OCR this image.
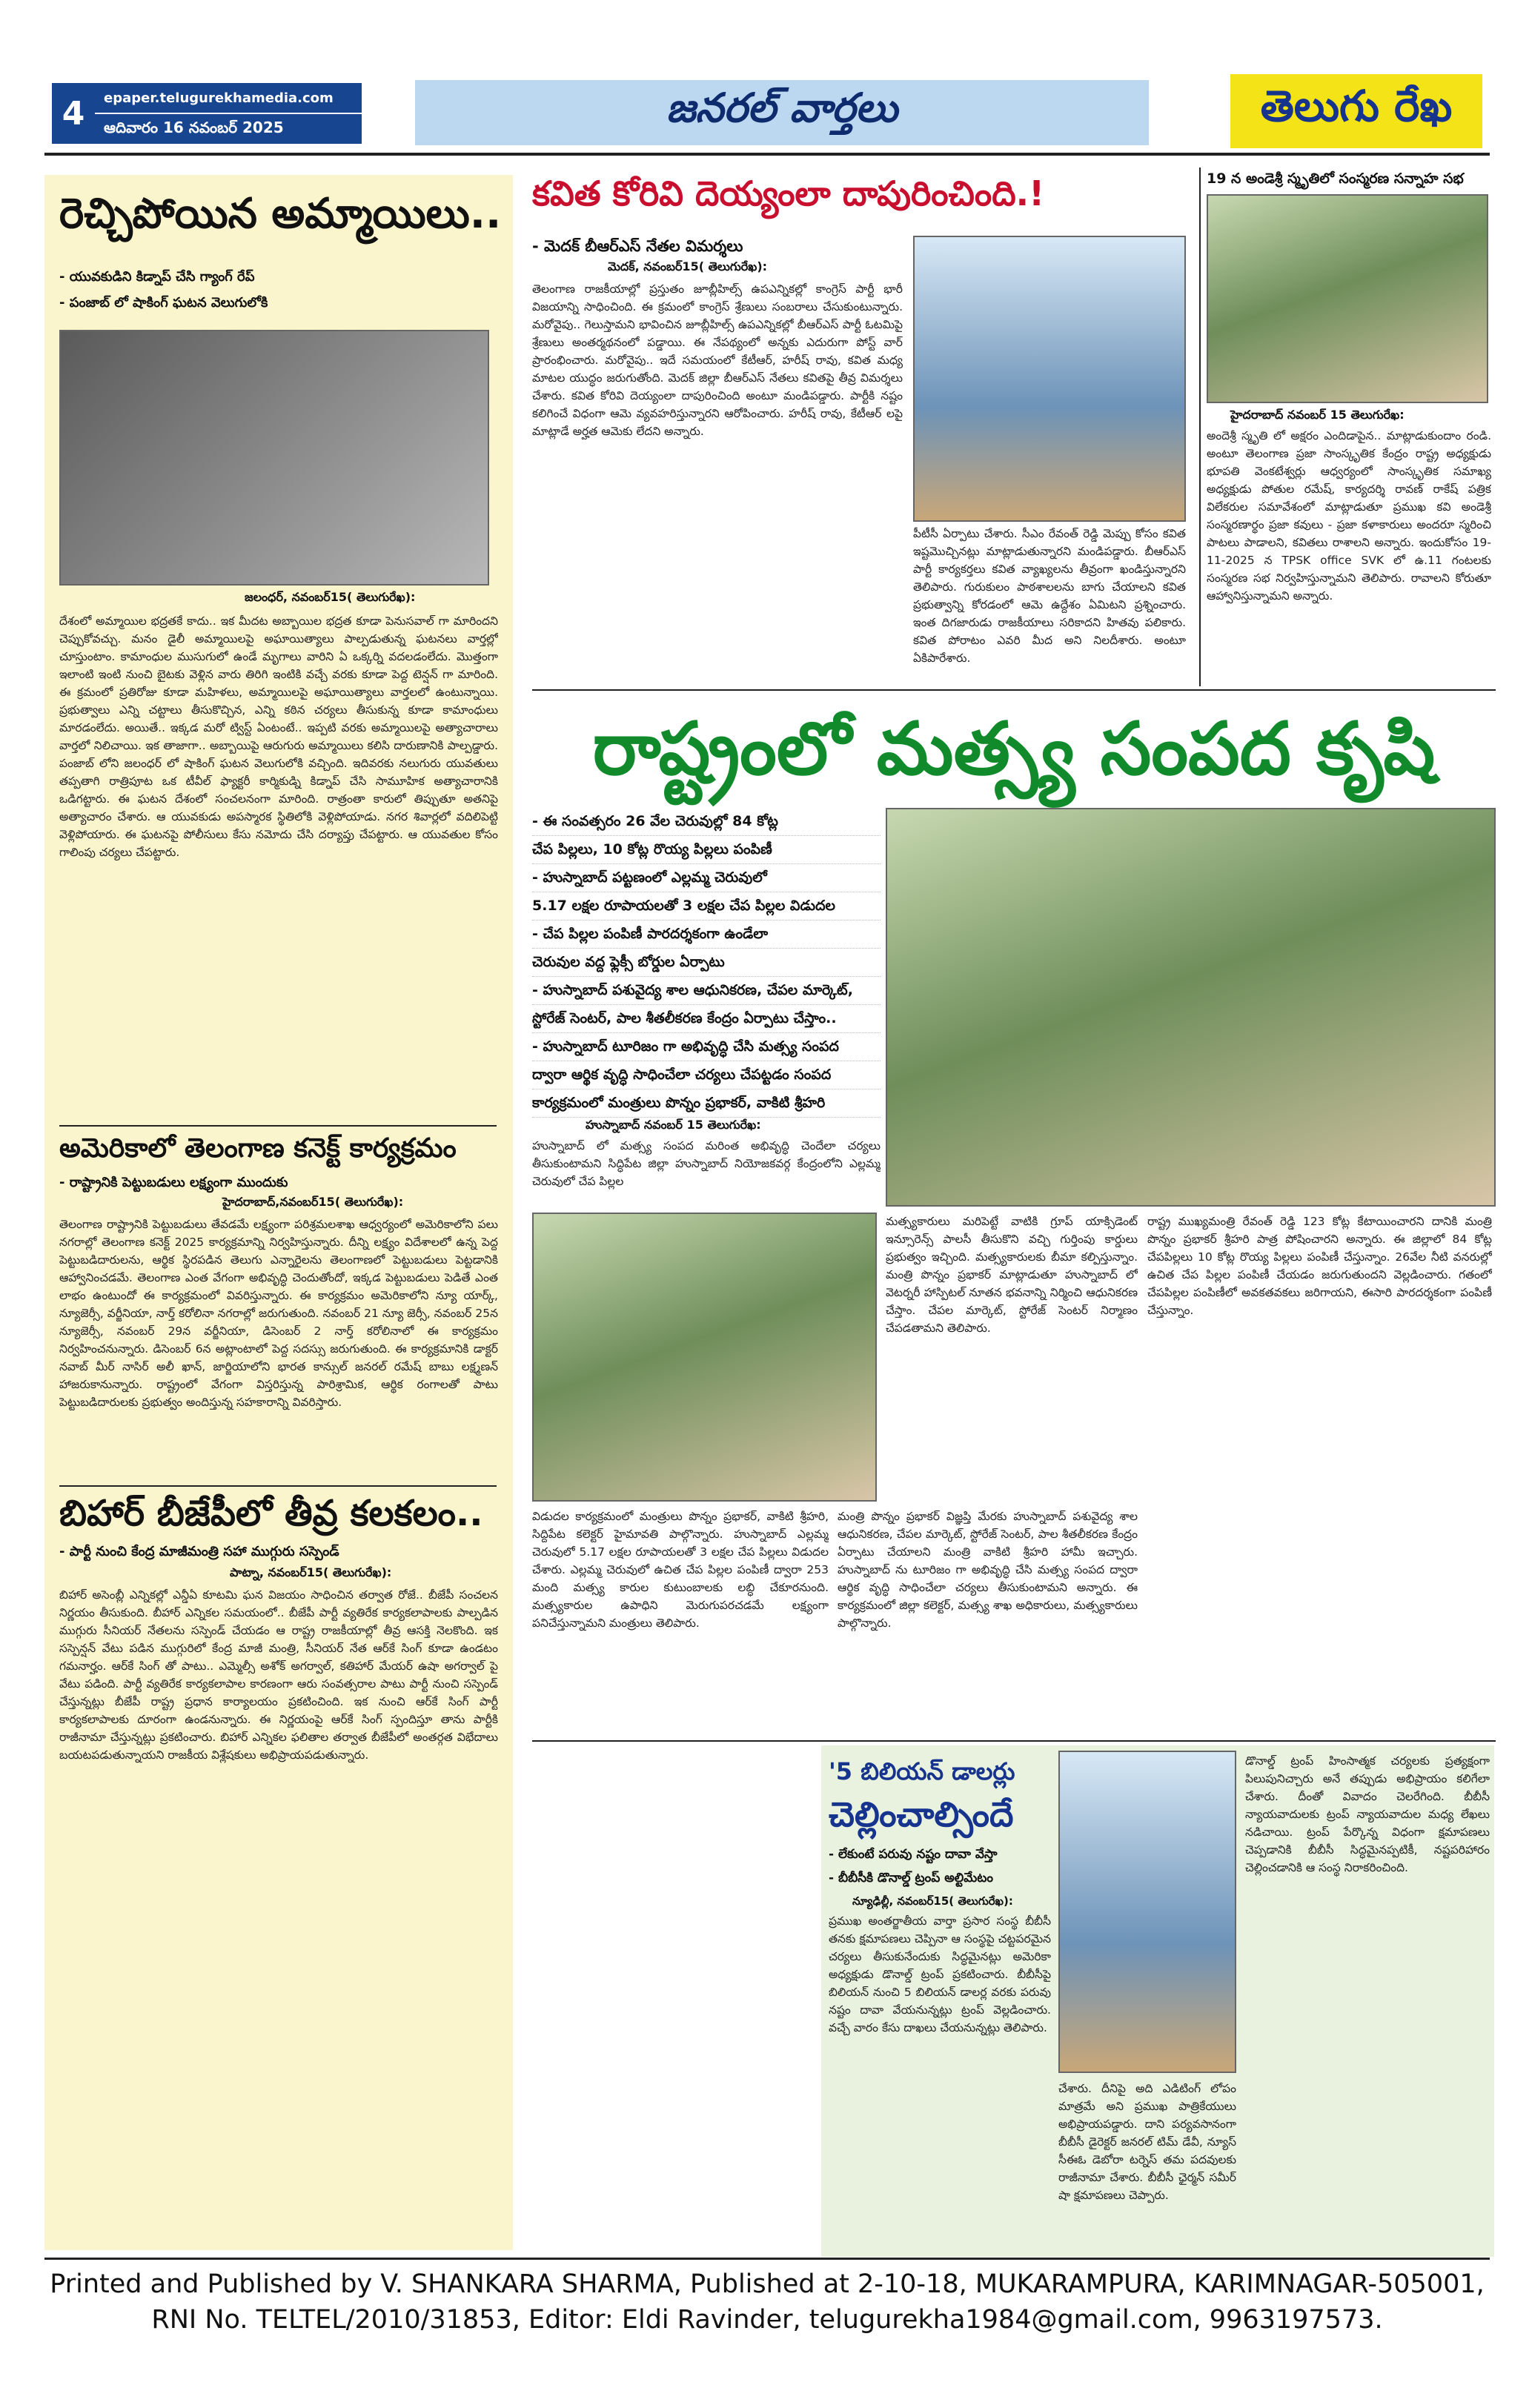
4	epaper.telugurekhamedia.com
ఆదివారం 16 నవంబర్ 2025	జనరల్ వార్తలు	తెలుగు రేఖ
రెచ్చిపోయిన అమ్మాయిలు..
- యువకుడిని కిడ్నాప్ చేసి గ్యాంగ్ రేప్
- పంజాబ్ లో షాకింగ్ ఘటన వెలుగులోకి
జలంధర్, నవంబర్15( తెలుగురేఖ):
దేశంలో అమ్మాయిల భద్రతకే కాదు.. ఇక మీదట అబ్బాయిల భద్రత కూడా పెనుసవాల్ గా మారిందని చెప్పుకోవచ్చు. మనం డైలీ అమ్మాయిలపై అఘాయిత్యాలు పాల్పడుతున్న ఘటనలు వార్తల్లో చూస్తుంటాం. కామాంధుల ముసుగులో ఉండే మృగాలు వారిని ఏ ఒక్కర్ని వదలడంలేదు. మొత్తంగా ఇలాంటి ఇంటి నుంచి బైటకు వెళ్లిన వారు తిరిగి ఇంటికి వచ్చే వరకు కూడా పెద్ద టెన్షన్ గా మారింది. ఈ క్రమంలో ప్రతిరోజు కూడా మహిళలు, అమ్మాయిలపై అఘాయిత్యాలు వార్తలలో ఉంటున్నాయి. ప్రభుత్వాలు ఎన్ని చట్టాలు తీసుకొచ్చిన, ఎన్ని కఠిన చర్యలు తీసుకున్న కూడా కామాంధులు మారడంలేదు. అయితే.. ఇక్కడ మరో ట్విస్ట్ ఏంటంటే.. ఇప్పటి వరకు అమ్మాయిలపై అత్యాచారాలు వార్తలో నిలిచాయి. ఇక తాజాగా.. అబ్బాయిపై ఆరుగురు అమ్మాయిలు కలిసి దారుణానికి పాల్పడ్డారు. పంజాబ్ లోని జలంధర్ లో షాకింగ్ ఘటన వెలుగులోకి వచ్చింది. ఇదివరకు నలుగురు యువతులు తప్పతాగి రాత్రిపూట ఒక టీవీల్ ఫ్యాక్టరీ కార్మికుడ్ని కిడ్నాప్ చేసి సామూహిక అత్యాచారానికి ఒడిగట్టారు. ఈ ఘటన దేశంలో సంచలనంగా మారింది. రాత్రంతా కారులో తిప్పుతూ అతనిపై అత్యాచారం చేశారు. ఆ యువకుడు అపస్మారక స్థితిలోకి వెళ్లిపోయాడు. నగర శివార్లలో వదిలిపెట్టి వెళ్లిపోయారు. ఈ ఘటనపై పోలీసులు కేసు నమోదు చేసి దర్యాప్తు చేపట్టారు. ఆ యువతుల కోసం గాలింపు చర్యలు చేపట్టారు.
అమెరికాలో తెలంగాణ కనెక్ట్ కార్యక్రమం
- రాష్ట్రానికి పెట్టుబడులు లక్ష్యంగా ముందుకు
హైదరాబాద్,నవంబర్15( తెలుగురేఖ):
తెలంగాణ రాష్ట్రానికి పెట్టుబడులు తేవడమే లక్ష్యంగా పరిశ్రమలశాఖ ఆధ్వర్యంలో అమెరికాలోని పలు నగరాల్లో తెలంగాణ కనెక్ట్ 2025 కార్యక్రమాన్ని నిర్వహిస్తున్నారు. దీన్ని లక్ష్యం విదేశాలలో ఉన్న పెద్ద పెట్టుబడిదారులను, ఆర్థిక స్థిరపడిన తెలుగు ఎన్నారైలను తెలంగాణలో పెట్టుబడులు పెట్టడానికి ఆహ్వానించడమే. తెలంగాణ ఎంత వేగంగా అభివృద్ధి చెందుతోందో, ఇక్కడ పెట్టుబడులు పెడితే ఎంత లాభం ఉంటుందో ఈ కార్యక్రమంలో వివరిస్తున్నారు. ఈ కార్యక్రమం అమెరికాలోని న్యూ యార్క్, న్యూజెర్సీ, వర్జీనియా, నార్త్ కరోలినా నగరాల్లో జరుగుతుంది. నవంబర్ 21 న్యూ జెర్సీ, నవంబర్ 25న న్యూజెర్సీ, నవంబర్ 29న వర్జీనియా, డిసెంబర్ 2 నార్త్ కరోలినాలో ఈ కార్యక్రమం నిర్వహించనున్నారు. డిసెంబర్ 6న అట్లాంటాలో పెద్ద సదస్సు జరుగుతుంది. ఈ కార్యక్రమానికి డాక్టర్ నవాబ్ మీర్ నాసిర్ అలీ ఖాన్, జార్జియాలోని భారత కాన్సుల్ జనరల్ రమేష్ బాబు లక్ష్మణన్ హాజరుకానున్నారు. రాష్ట్రంలో వేగంగా విస్తరిస్తున్న పారిశ్రామిక, ఆర్థిక రంగాలతో పాటు పెట్టుబడిదారులకు ప్రభుత్వం అందిస్తున్న సహకారాన్ని వివరిస్తారు.
బిహార్ బీజేపీలో తీవ్ర కలకలం..
- పార్టీ నుంచి కేంద్ర మాజీమంత్రి సహా ముగ్గురు సస్పెండ్
పాట్నా, నవంబర్15( తెలుగురేఖ):
బిహార్ అసెంబ్లీ ఎన్నికల్లో ఎన్డీఏ కూటమి ఘన విజయం సాధించిన తర్వాత రోజే.. బీజేపీ సంచలన నిర్ణయం తీసుకుంది. బీహార్ ఎన్నికల సమయంలో.. బీజేపీ పార్టీ వ్యతిరేక కార్యకలాపాలకు పాల్పడిన ముగ్గురు సీనియర్ నేతలను సస్పెండ్ చేయడం ఆ రాష్ట్ర రాజకీయాల్లో తీవ్ర ఆసక్తి నెలకొంది. ఇక సస్పెన్షన్ వేటు పడిన ముగ్గురిలో కేంద్ర మాజీ మంత్రి, సీనియర్ నేత ఆర్‌కే సింగ్ కూడా ఉండటం గమనార్హం. ఆర్‌కే సింగ్ తో పాటు.. ఎమ్మెల్సీ అశోక్ అగర్వాల్, కతిహార్ మేయర్ ఉషా అగర్వాల్ పై వేటు పడింది. పార్టీ వ్యతిరేక కార్యకలాపాల కారణంగా ఆరు సంవత్సరాల పాటు పార్టీ నుంచి సస్పెండ్ చేస్తున్నట్లు బీజేపీ రాష్ట్ర ప్రధాన కార్యాలయం ప్రకటించింది. ఇక నుంచి ఆర్‌కే సింగ్ పార్టీ కార్యకలాపాలకు దూరంగా ఉండనున్నారు. ఈ నిర్ణయంపై ఆర్‌కే సింగ్ స్పందిస్తూ తాను పార్టీకి రాజీనామా చేస్తున్నట్లు ప్రకటించారు. బిహార్ ఎన్నికల ఫలితాల తర్వాత బీజేపీలో అంతర్గత విభేదాలు బయటపడుతున్నాయని రాజకీయ విశ్లేషకులు అభిప్రాయపడుతున్నారు.
కవిత కోరివి దెయ్యంలా దాపురించింది.!
- మెదక్ బీఆర్ఎస్ నేతల విమర్శలు
మెదక్, నవంబర్15( తెలుగురేఖ):
తెలంగాణ రాజకీయాల్లో ప్రస్తుతం జూబ్లీహిల్స్ ఉపఎన్నికల్లో కాంగ్రెస్ పార్టీ భారీ విజయాన్ని సాధించింది. ఈ క్రమంలో కాంగ్రెస్ శ్రేణులు సంబరాలు చేసుకుంటున్నారు. మరోవైపు.. గెలుస్తామని భావించిన జూబ్లీహిల్స్ ఉపఎన్నికల్లో బీఆర్ఎస్ పార్టీ ఓటమిపై శ్రేణులు అంతర్మథనంలో పడ్డాయి. ఈ నేపథ్యంలో అన్నకు ఎదురుగా పోస్ట్ వార్ ప్రారంభించారు. మరోవైపు.. ఇదే సమయంలో కేటీఆర్, హరీష్ రావు, కవిత మధ్య మాటల యుద్ధం జరుగుతోంది. మెదక్ జిల్లా బీఆర్ఎస్ నేతలు కవితపై తీవ్ర విమర్శలు చేశారు. కవిత కోరివి దెయ్యంలా దాపురించింది అంటూ మండిపడ్డారు. పార్టీకి నష్టం కలిగించే విధంగా ఆమె వ్యవహరిస్తున్నారని ఆరోపించారు. హరీష్ రావు, కేటీఆర్ లపై మాట్లాడే అర్హత ఆమెకు లేదని అన్నారు.
పీటీసీ ఏర్పాటు చేశారు. సీఎం రేవంత్ రెడ్డి మెప్పు కోసం కవిత ఇష్టమొచ్చినట్లు మాట్లాడుతున్నారని మండిపడ్డారు. బీఆర్ఎస్ పార్టీ కార్యకర్తలు కవిత వ్యాఖ్యలను తీవ్రంగా ఖండిస్తున్నారని తెలిపారు. గురుకులం పాఠశాలలను బాగు చేయాలని కవిత ప్రభుత్వాన్ని కోరడంలో ఆమె ఉద్దేశం ఏమిటని ప్రశ్నించారు. ఇంత దిగజారుడు రాజకీయాలు సరికాదని హితవు పలికారు. కవిత పోరాటం ఎవరి మీద అని నిలదీశారు. అంటూ ఏకిపారేశారు.
19 న అండెశ్రీ స్మృతిలో సంస్మరణ సన్నాహ సభ
హైదరాబాద్ నవంబర్ 15 తెలుగురేఖ:
అందెశ్రీ స్మృతి లో అక్షరం ఎందిడాపైన.. మాట్లాడుకుందాం రండి. అంటూ తెలంగాణ ప్రజా సాంస్కృతిక కేంద్రం రాష్ట్ర అధ్యక్షుడు భూపతి వెంకటేశ్వర్లు ఆధ్వర్యంలో సాంస్కృతిక సమాఖ్య అధ్యక్షుడు పోతుల రమేష్, కార్యదర్శి రావణ్ రాకేష్ పత్రిక విలేకరుల సమావేశంలో మాట్లాడుతూ ప్రముఖ కవి అండెశ్రీ సంస్మరణార్థం ప్రజా కవులు - ప్రజా కళాకారులు అందరూ స్మరించి పాటలు పాడాలని, కవితలు రాశాలని అన్నారు. ఇందుకోసం 19-11-2025 న TPSK office SVK లో ఉ.11 గంటలకు సంస్మరణ సభ నిర్వహిస్తున్నామని తెలిపారు. రావాలని కోరుతూ ఆహ్వానిస్తున్నామని అన్నారు.
రాష్ట్రంలో మత్స్య సంపద కృషి
- ఈ సంవత్సరం 26 వేల చెరువుల్లో 84 కోట్ల
చేప పిల్లలు, 10 కోట్ల రొయ్య పిల్లలు పంపిణీ
- హుస్నాబాద్ పట్టణంలో ఎల్లమ్మ చెరువులో
5.17 లక్షల రూపాయలతో 3 లక్షల చేప పిల్లల విడుదల
- చేప పిల్లల పంపిణీ పారదర్శకంగా ఉండేలా
చెరువుల వద్ద ఫ్లెక్సీ బోర్డుల ఏర్పాటు
- హుస్నాబాద్ పశువైద్య శాల ఆధునికరణ, చేపల మార్కెట్,
స్టోరేజ్ సెంటర్, పాల శీతలీకరణ కేంద్రం ఏర్పాటు చేస్తాం..
- హుస్నాబాద్ టూరిజం గా అభివృద్ధి చేసి మత్స్య సంపద
ద్వారా ఆర్థిక వృద్ధి సాధించేలా చర్యలు చేపట్టడం సంపద
కార్యక్రమంలో మంత్రులు పొన్నం ప్రభాకర్, వాకిటి శ్రీహరి
హుస్నాబాద్ నవంబర్ 15 తెలుగురేఖ:
హుస్నాబాద్ లో మత్స్య సంపద మరింత అభివృద్ధి చెందేలా చర్యలు తీసుకుంటామని సిద్ధిపేట జిల్లా హుస్నాబాద్ నియోజకవర్గ కేంద్రంలోని ఎల్లమ్మ చెరువులో చేప పిల్లల
మత్స్యకారులు మరిపెట్టే వాటికి గ్రూప్ యాక్సిడెంట్ ఇన్సూరెన్స్ పాలసీ తీసుకొని వచ్చి గుర్తింపు కార్డులు ప్రభుత్వం ఇచ్చింది. మత్స్యకారులకు బీమా కల్పిస్తున్నాం. మంత్రి పొన్నం ప్రభాకర్ మాట్లాడుతూ హుస్నాబాద్ లో వెటర్నరీ హాస్పిటల్ నూతన భవనాన్ని నిర్మించి ఆధునికరణ చేస్తాం. చేపల మార్కెట్, స్టోరేజ్ సెంటర్ నిర్మాణం చేపడతామని తెలిపారు.
రాష్ట్ర ముఖ్యమంత్రి రేవంత్ రెడ్డి 123 కోట్ల కేటాయించారని దానికి మంత్రి పొన్నం ప్రభాకర్ శ్రీహరి పాత్ర పోషించారని అన్నారు. ఈ జిల్లాలో 84 కోట్ల చేపపిల్లలు 10 కోట్ల రొయ్య పిల్లలు పంపిణీ చేస్తున్నాం. 26వేల నీటి వనరుల్లో ఉచిత చేప పిల్లల పంపిణీ చేయడం జరుగుతుందని వెల్లడించారు. గతంలో చేపపిల్లల పంపిణీలో అవకతవకలు జరిగాయని, ఈసారి పారదర్శకంగా పంపిణీ చేస్తున్నాం.
విడుదల కార్యక్రమంలో మంత్రులు పొన్నం ప్రభాకర్, వాకిటి శ్రీహరి, సిద్దిపేట కలెక్టర్ హైమావతి పాల్గొన్నారు. హుస్నాబాద్ ఎల్లమ్మ చెరువులో 5.17 లక్షల రూపాయలతో 3 లక్షల చేప పిల్లలు విడుదల చేశారు. ఎల్లమ్మ చెరువులో ఉచిత చేప పిల్లల పంపిణీ ద్వారా 253 మంది మత్స్య కారుల కుటుంబాలకు లబ్ధి చేకూరనుంది. మత్స్యకారుల ఉపాధిని మెరుగుపరచడమే లక్ష్యంగా పనిచేస్తున్నామని మంత్రులు తెలిపారు.
మంత్రి పొన్నం ప్రభాకర్ విజ్ఞప్తి మేరకు హుస్నాబాద్ పశువైద్య శాల ఆధునికరణ, చేపల మార్కెట్, స్టోరేజ్ సెంటర్, పాల శీతలీకరణ కేంద్రం ఏర్పాటు చేయాలని మంత్రి వాకిటి శ్రీహరి హామీ ఇచ్చారు. హుస్నాబాద్ ను టూరిజం గా అభివృద్ధి చేసి మత్స్య సంపద ద్వారా ఆర్థిక వృద్ధి సాధించేలా చర్యలు తీసుకుంటామని అన్నారు. ఈ కార్యక్రమంలో జిల్లా కలెక్టర్, మత్స్య శాఖ అధికారులు, మత్స్యకారులు పాల్గొన్నారు.
'5 బిలియన్ డాలర్లు
చెల్లించాల్సిందే
- లేకుంటే పరువు నష్టం దావా వేస్తా
- బీబీసీకి డొనాల్డ్ ట్రంప్ అల్టిమేటం
న్యూఢిల్లీ, నవంబర్15( తెలుగురేఖ):
ప్రముఖ అంతర్జాతీయ వార్తా ప్రసార సంస్థ బీబీసీ తనకు క్షమాపణలు చెప్పినా ఆ సంస్థపై చట్టపరమైన చర్యలు తీసుకునేందుకు సిద్ధమైనట్లు అమెరికా అధ్యక్షుడు డొనాల్డ్ ట్రంప్ ప్రకటించారు. బీబీసీపై బిలియన్ నుంచి 5 బిలియన్ డాలర్ల వరకు పరువు నష్టం దావా వేయనున్నట్లు ట్రంప్ వెల్లడించారు. వచ్చే వారం కేసు దాఖలు చేయనున్నట్లు తెలిపారు.
చేశారు. దీనిపై అది ఎడిటింగ్ లోపం మాత్రమే అని ప్రముఖ పాత్రికేయులు అభిప్రాయపడ్డారు. దాని పర్యవసానంగా బీబీసీ డైరెక్టర్ జనరల్ టిమ్ డేవీ, న్యూస్ సీఈఓ డెబోరా టర్నెస్ తమ పదవులకు రాజీనామా చేశారు. బీబీసీ ఛైర్మన్ సమీర్ షా క్షమాపణలు చెప్పారు.
డొనాల్డ్ ట్రంప్ హింసాత్మక చర్యలకు ప్రత్యక్షంగా పిలుపునిచ్చారు అనే తప్పుడు అభిప్రాయం కలిగేలా చేశారు. దీంతో వివాదం చెలరేగింది. బీబీసీ న్యాయవాదులకు ట్రంప్ న్యాయవాదుల మధ్య లేఖలు నడిచాయి. ట్రంప్ పేర్కొన్న విధంగా క్షమాపణలు చెప్పడానికి బీబీసీ సిద్ధమైనప్పటికీ, నష్టపరిహారం చెల్లించడానికి ఆ సంస్థ నిరాకరించింది.
Printed and Published by V. SHANKARA SHARMA, Published at 2-10-18, MUKARAMPURA, KARIMNAGAR-505001,
RNI No. TELTEL/2010/31853, Editor: Eldi Ravinder, telugurekha1984@gmail.com, 9963197573.
